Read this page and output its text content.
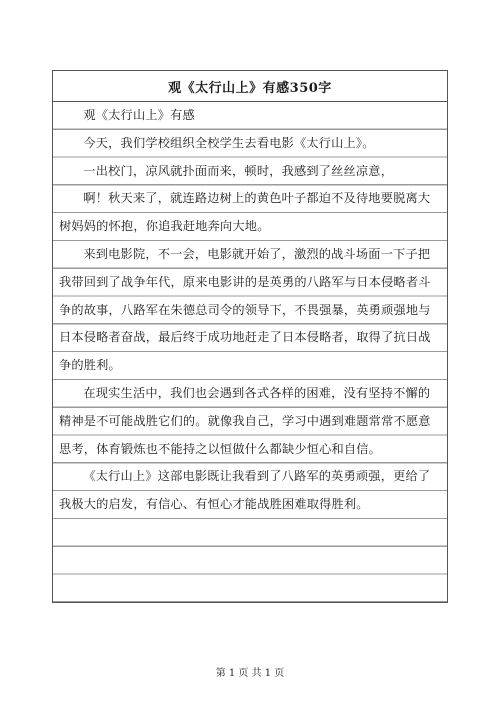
观《太行山上》有感350字

观《太行山上》有感

今天，我们学校组织全校学生去看电影《太行山上》。

一出校门，凉风就扑面而来，顿时，我感到了丝丝凉意，

啊！秋天来了，就连路边树上的黄色叶子都迫不及待地要脱离大树妈妈的怀抱，你追我赶地奔向大地。

来到电影院，不一会，电影就开始了，激烈的战斗场面一下子把我带回到了战争年代，原来电影讲的是英勇的八路军与日本侵略者斗争的故事，八路军在朱德总司令的领导下，不畏强暴，英勇顽强地与日本侵略者奋战，最后终于成功地赶走了日本侵略者，取得了抗日战争的胜利。

在现实生活中，我们也会遇到各式各样的困难，没有坚持不懈的精神是不可能战胜它们的。就像我自己，学习中遇到难题常常不愿意思考，体育锻炼也不能持之以恒做什么都缺少恒心和自信。

《太行山上》这部电影既让我看到了八路军的英勇顽强，更给了我极大的启发，有信心、有恒心才能战胜困难取得胜利。

第 1 页 共 1 页
